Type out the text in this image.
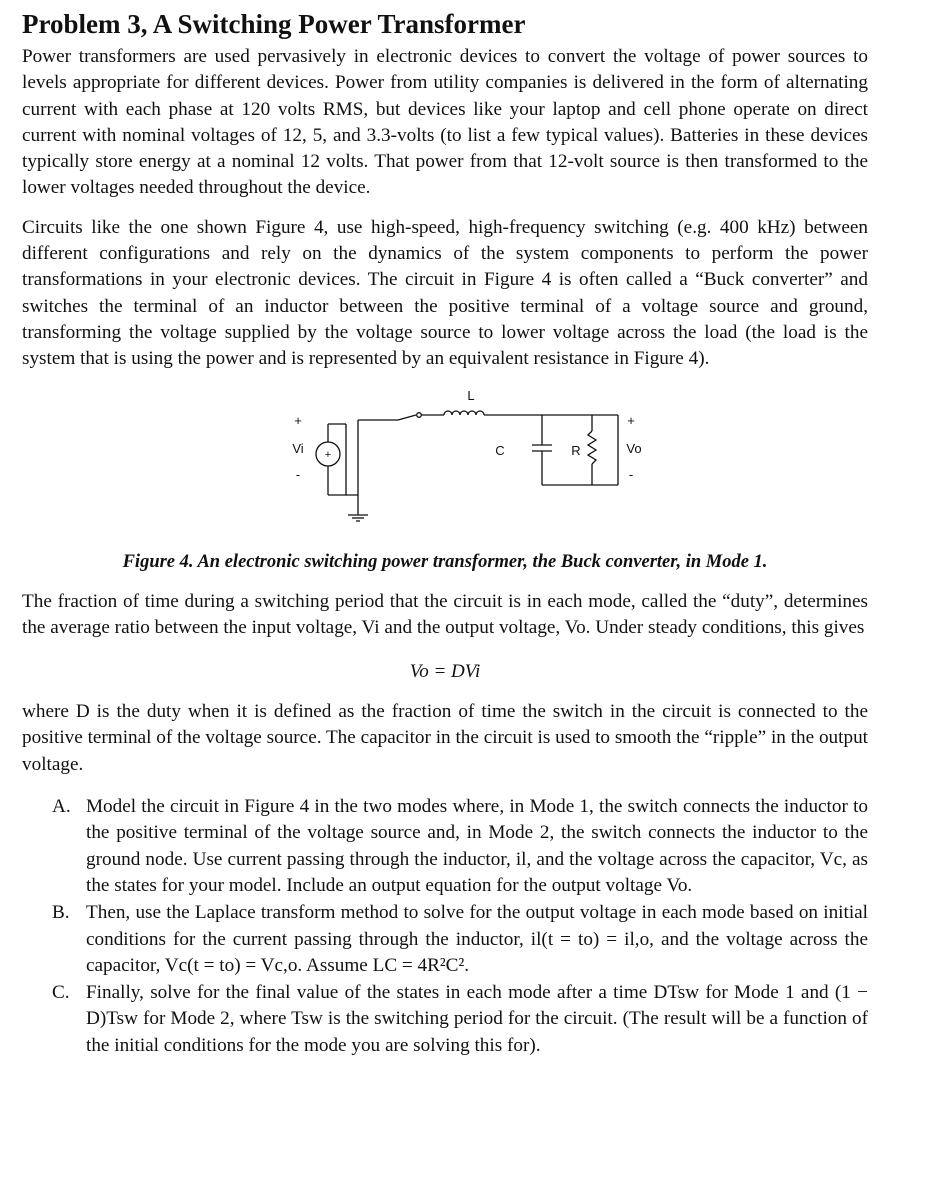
Problem 3, A Switching Power Transformer

Power transformers are used pervasively in electronic devices to convert the voltage of power sources to levels appropriate for different devices. Power from utility companies is delivered in the form of alternating current with each phase at 120 volts RMS, but devices like your laptop and cell phone operate on direct current with nominal voltages of 12, 5, and 3.3-volts (to list a few typical values). Batteries in these devices typically store energy at a nominal 12 volts. That power from that 12-volt source is then transformed to the lower voltages needed throughout the device.

Circuits like the one shown Figure 4, use high-speed, high-frequency switching (e.g. 400 kHz) between different configurations and rely on the dynamics of the system components to perform the power transformations in your electronic devices. The circuit in Figure 4 is often called a “Buck converter” and switches the terminal of an inductor between the positive terminal of a voltage source and ground, transforming the voltage supplied by the voltage source to lower voltage across the load (the load is the system that is using the power and is represented by an equivalent resistance in Figure 4).

L
C	R
+
Vi
-
+
+
Vo
-
Figure 4. An electronic switching power transformer, the Buck converter, in Mode 1.

The fraction of time during a switching period that the circuit is in each mode, called the “duty”, determines the average ratio between the input voltage, Vi and the output voltage, Vo. Under steady conditions, this gives

Vo = DVi

where D is the duty when it is defined as the fraction of time the switch in the circuit is connected to the positive terminal of the voltage source. The capacitor in the circuit is used to smooth the “ripple” in the output voltage.

A. Model the circuit in Figure 4 in the two modes where, in Mode 1, the switch connects the inductor to the positive terminal of the voltage source and, in Mode 2, the switch connects the inductor to the ground node. Use current passing through the inductor, il, and the voltage across the capacitor, Vc, as the states for your model. Include an output equation for the output voltage Vo.
B. Then, use the Laplace transform method to solve for the output voltage in each mode based on initial conditions for the current passing through the inductor, il(t = to) = il,o, and the voltage across the capacitor, Vc(t = to) = Vc,o. Assume LC = 4R²C².
C. Finally, solve for the final value of the states in each mode after a time DTsw for Mode 1 and (1 − D)Tsw for Mode 2, where Tsw is the switching period for the circuit. (The result will be a function of the initial conditions for the mode you are solving this for).
